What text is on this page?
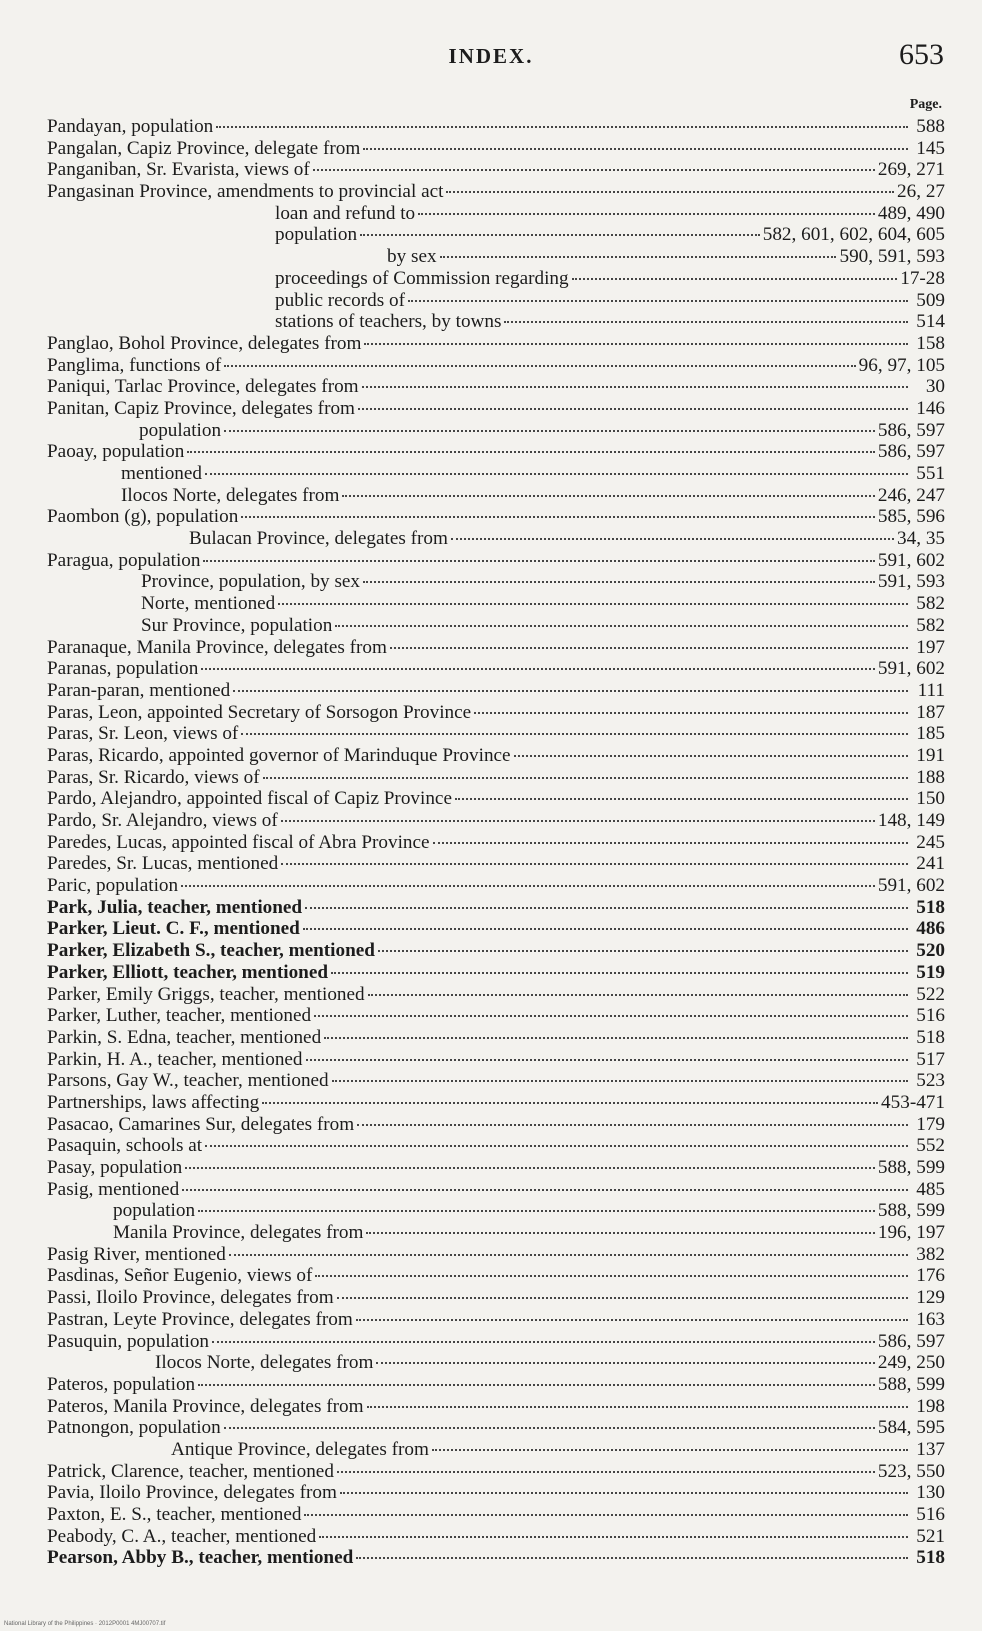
INDEX.	653
Page.
Pandayan, population	588
Pangalan, Capiz Province, delegate from	145
Panganiban, Sr. Evarista, views of	269, 271
Pangasinan Province, amendments to provincial act	26, 27
loan and refund to	489, 490
population	582, 601, 602, 604, 605
by sex	590, 591, 593
proceedings of Commission regarding	17-28
public records of	509
stations of teachers, by towns	514
Panglao, Bohol Province, delegates from	158
Panglima, functions of	96, 97, 105
Paniqui, Tarlac Province, delegates from	30
Panitan, Capiz Province, delegates from	146
population	586, 597
Paoay, population	586, 597
mentioned	551
Ilocos Norte, delegates from	246, 247
Paombon (g), population	585, 596
Bulacan Province, delegates from	34, 35
Paragua, population	591, 602
Province, population, by sex	591, 593
Norte, mentioned	582
Sur Province, population	582
Paranaque, Manila Province, delegates from	197
Paranas, population	591, 602
Paran-paran, mentioned	111
Paras, Leon, appointed Secretary of Sorsogon Province	187
Paras, Sr. Leon, views of	185
Paras, Ricardo, appointed governor of Marinduque Province	191
Paras, Sr. Ricardo, views of	188
Pardo, Alejandro, appointed fiscal of Capiz Province	150
Pardo, Sr. Alejandro, views of	148, 149
Paredes, Lucas, appointed fiscal of Abra Province	245
Paredes, Sr. Lucas, mentioned	241
Paric, population	591, 602
Park, Julia, teacher, mentioned	518
Parker, Lieut. C. F., mentioned	486
Parker, Elizabeth S., teacher, mentioned	520
Parker, Elliott, teacher, mentioned	519
Parker, Emily Griggs, teacher, mentioned	522
Parker, Luther, teacher, mentioned	516
Parkin, S. Edna, teacher, mentioned	518
Parkin, H. A., teacher, mentioned	517
Parsons, Gay W., teacher, mentioned	523
Partnerships, laws affecting	453-471
Pasacao, Camarines Sur, delegates from	179
Pasaquin, schools at	552
Pasay, population	588, 599
Pasig, mentioned	485
population	588, 599
Manila Province, delegates from	196, 197
Pasig River, mentioned	382
Pasdinas, Señor Eugenio, views of	176
Passi, Iloilo Province, delegates from	129
Pastran, Leyte Province, delegates from	163
Pasuquin, population	586, 597
Ilocos Norte, delegates from	249, 250
Pateros, population	588, 599
Pateros, Manila Province, delegates from	198
Patnongon, population	584, 595
Antique Province, delegates from	137
Patrick, Clarence, teacher, mentioned	523, 550
Pavia, Iloilo Province, delegates from	130
Paxton, E. S., teacher, mentioned	516
Peabody, C. A., teacher, mentioned	521
Pearson, Abby B., teacher, mentioned	518
National Library of the Philippines · 2012P0001 4MJ00707.tif
